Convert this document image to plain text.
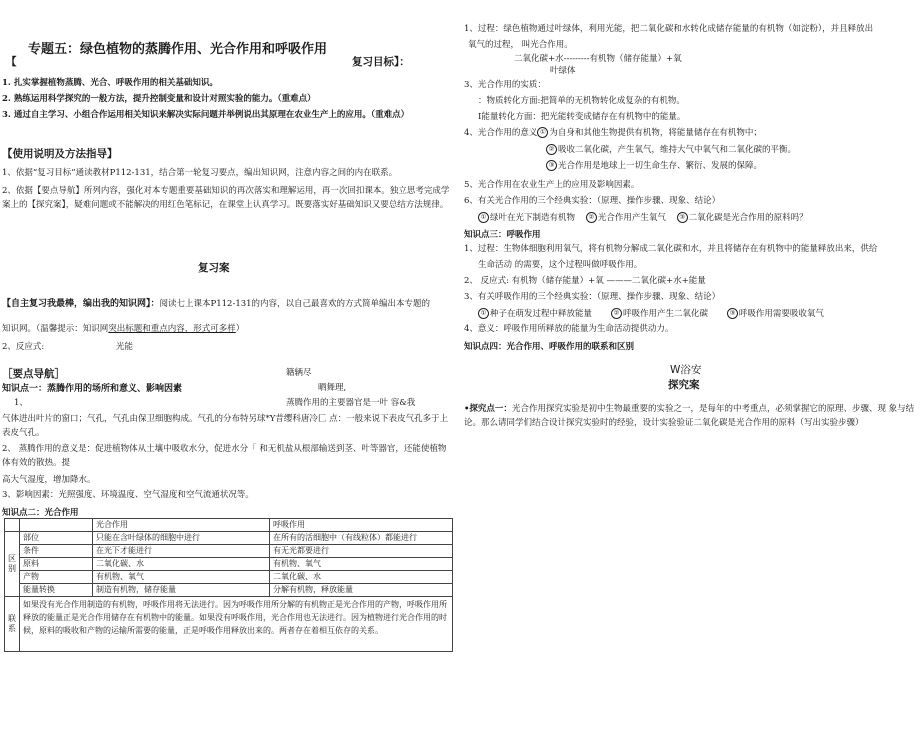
专题五：绿色植物的蒸腾作用、光合作用和呼吸作用
【	复习目标】：
1. 扎实掌握植物蒸腾、光合、呼吸作用的相关基础知识。
2. 熟练运用科学探究的一般方法，提升控制变量和设计对照实验的能力。（重难点）
3. 通过自主学习、小组合作运用相关知识来解决实际问题并举例说出其原理在农业生产上的应用。（重难点）
【使用说明及方法指导】
1、依据“复习目标”通读教材P112-131，结合第一轮复习要点，编出知识网，注意内容之间的内在联系。
2、依据【要点导航】所列内容，强化对本专题重要基础知识的再次落实和理解运用，再一次回扣课本。独立思考完成学 案上的【探究案】，疑难问题或不能解决的用红色笔标记，在课堂上认真学习。既要落实好基础知识又要总结方法规律。
复习案
【自主复习我最棒，编出我的知识网】：阅读七上课本P112-131的内容，以自己最喜欢的方式简单编出本专题的
知识网。（温馨提示：知识网突出标题和重点内容，形式可多样）
2、反应式:	光能
［要点导航］	籍辆尽
知识点一：蒸腾作用的场所和意义、影响因素	晒舞理,
1、	蒸腾作用的主要器官是一叶 容&我
气体进出叶片的窗口；气孔，气孔由保卫细胞构成。气孔的分布特另球*Y昔缨科唐冷匚 点：一般来说下表皮气孔多于上表皮气孔。
2、 蒸腾作用的意义是：促进植物体从土壤中吸收水分，促进水分「 和无机盐从根部输送到茎、叶等器官，还能使植物体有效的散热。提
高大气湿度，增加降水。
3、影响因素：光照强度、环境温度、空气湿度和空气流通状况等。
知识点二：光合作用
		光合作用	呼吸作用
区别	部位	只能在含叶绿体的细胞中进行	在所有的活细胞中（有线粒体）都能进行
	条件	在光下才能进行	有无光都要进行
	原料	二氧化碳、水	有机物、氧气
	产物	有机物、氧气	二氧化碳、水
	能量转换	制造有机物，储存能量	分解有机物，释放能量
联系	如果没有光合作用制造的有机物，呼吸作用将无法进行。因为呼吸作用所分解的有机物正是光合作用的产物，呼吸作用所释放的能量正是光合作用储存在有机物中的能量。如果没有呼吸作用，光合作用也无法进行。因为植物进行光合作用的时候，原料的吸收和产物的运输所需要的能量，正是呼吸作用释放出来的。两者存在着相互依存的关系。		
1、过程：绿色植物通过叶绿体，利用光能，把二氧化碳和水转化成储存能量的有机物（如淀粉），并且释放出
氧气的过程， 叫光合作用。
二氧化碳+水---------有机物（储存能量）+氧
叶绿体
3、光合作用的实质：
：物质转化方面:把简单的无机物转化成复杂的有机物。
I能量转化方面：把光能转变成储存在有机物中的能量。
4、光合作用的意义 ① 为自身和其他生物提供有机物，将能量储存在有机物中；
② 吸收二氧化碳，产生氧气，维持大气中氧气和二氧化碳的平衡。
③ 光合作用是地球上一切生命生存、繁衍、发展的保障。
5、光合作用在农业生产上的应用及影响因素。
6、有关光合作用的三个经典实验：（原理、操作步骤、现象、结论）
① 绿叶在光下制造有机物 ② 光合作用产生氧气 ③ 二氧化碳是光合作用的原料吗？
知识点三：呼吸作用
1、过程：生物体细胞利用氧气，将有机物分解成二氧化碳和水，并且将储存在有机物中的能量释放出来，供给
生命活动 的需要，这个过程叫做呼吸作用。
2、 反应式: 有机物（储存能量）+氧 ———二氧化碳+水+能量
3、有关呼吸作用的三个经典实验：（原理、操作步骤、现象、结论）
① 种子在萌发过程中释放能量	② 呼吸作用产生二氧化碳	③ 呼吸作用需要吸收氧气
4、意义：呼吸作用所释放的能量为生命活动提供动力。
知识点四：光合作用、呼吸作用的联系和区别
W浴安
探究案
•探究点一：光合作用探究实验是初中生物最重要的实验之一，是每年的中考重点，必须掌握它的原理、步骤、现 象与结论。那么请同学们结合设计探究实验时的经验，设计实验验证二氧化碳是光合作用的原料（写出实验步骤）
